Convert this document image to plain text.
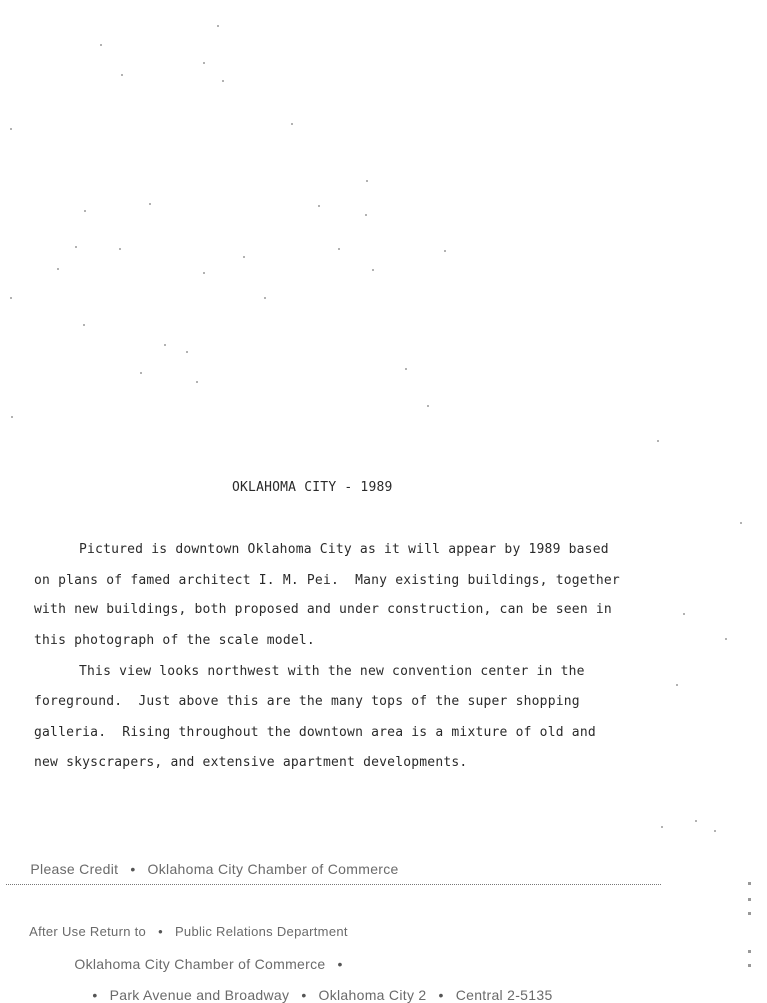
OKLAHOMA CITY - 1989
Pictured is downtown Oklahoma City as it will appear by 1989 based
on plans of famed architect I. M. Pei.  Many existing buildings, together
with new buildings, both proposed and under construction, can be seen in
this photograph of the scale model.
This view looks northwest with the new convention center in the
foreground.  Just above this are the many tops of the super shopping
galleria.  Rising throughout the downtown area is a mixture of old and
new skyscrapers, and extensive apartment developments.

Please Credit • Oklahoma City Chamber of Commerce

After Use Return to • Public Relations Department

Oklahoma City Chamber of Commerce •

• Park Avenue and Broadway • Oklahoma City 2 • Central 2-5135
